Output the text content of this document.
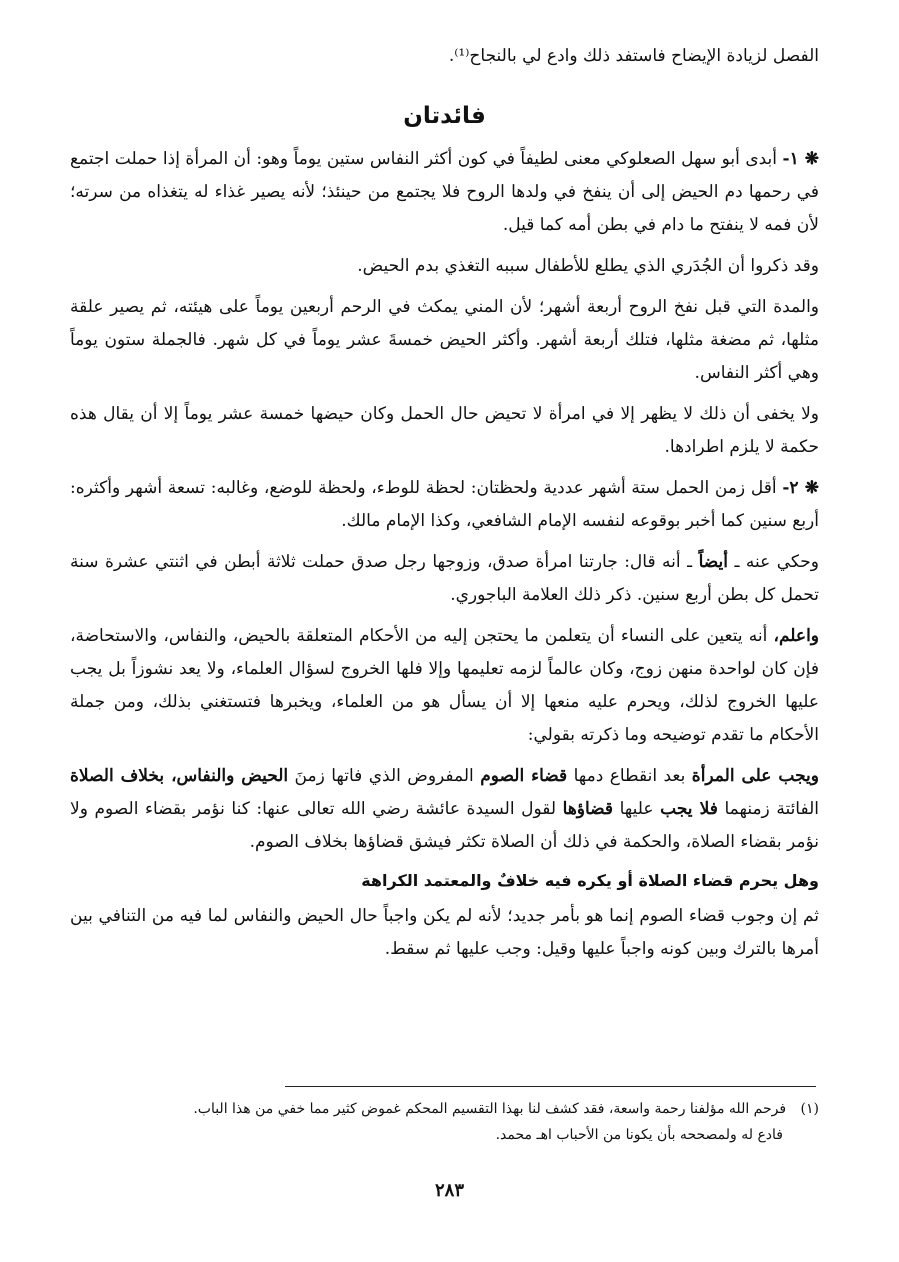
الفصل لزيادة الإيضاح فاستفد ذلك وادع لي بالنجاح⁽¹⁾.
فائدتان

❋ ١- أبدى أبو سهل الصعلوكي معنى لطيفاً في كون أكثر النفاس ستين يوماً وهو: أن المرأة إذا حملت اجتمع في رحمها دم الحيض إلى أن ينفخ في ولدها الروح فلا يجتمع من حينئذ؛ لأنه يصير غذاء له يتغذاه من سرته؛ لأن فمه لا ينفتح ما دام في بطن أمه كما قيل.

وقد ذكروا أن الجُدَري الذي يطلع للأطفال سببه التغذي بدم الحيض.

والمدة التي قبل نفخ الروح أربعة أشهر؛ لأن المني يمكث في الرحم أربعين يوماً على هيئته، ثم يصير علقة مثلها، ثم مضغة مثلها، فتلك أربعة أشهر. وأكثر الحيض خمسةَ عشر يوماً في كل شهر. فالجملة ستون يوماً وهي أكثر النفاس.

ولا يخفى أن ذلك لا يظهر إلا في امرأة لا تحيض حال الحمل وكان حيضها خمسة عشر يوماً إلا أن يقال هذه حكمة لا يلزم اطرادها.

❋ ٢- أقل زمن الحمل ستة أشهر عددية ولحظتان: لحظة للوطء، ولحظة للوضع، وغالبه: تسعة أشهر وأكثره: أربع سنين كما أخبر بوقوعه لنفسه الإمام الشافعي، وكذا الإمام مالك.

وحكي عنه ـ أيضاً ـ أنه قال: جارتنا امرأة صدق، وزوجها رجل صدق حملت ثلاثة أبطن في اثنتي عشرة سنة تحمل كل بطن أربع سنين. ذكر ذلك العلامة الباجوري.

واعلم، أنه يتعين على النساء أن يتعلمن ما يحتجن إليه من الأحكام المتعلقة بالحيض، والنفاس، والاستحاضة، فإن كان لواحدة منهن زوج، وكان عالماً لزمه تعليمها وإلا فلها الخروج لسؤال العلماء، ولا يعد نشوزاً بل يجب عليها الخروج لذلك، ويحرم عليه منعها إلا أن يسأل هو من العلماء، ويخبرها فتستغني بذلك، ومن جملة الأحكام ما تقدم توضيحه وما ذكرته بقولي:

ويجب على المرأة بعد انقطاع دمها قضاء الصوم المفروض الذي فاتها زمنَ الحيض والنفاس، بخلاف الصلاة الفائتة زمنهما فلا يجب عليها قضاؤها لقول السيدة عائشة رضي الله تعالى عنها: كنا نؤمر بقضاء الصوم ولا نؤمر بقضاء الصلاة، والحكمة في ذلك أن الصلاة تكثر فيشق قضاؤها بخلاف الصوم.

وهل يحرم قضاء الصلاة أو يكره فيه خلافٌ والمعتمد الكراهة

ثم إن وجوب قضاء الصوم إنما هو بأمر جديد؛ لأنه لم يكن واجباً حال الحيض والنفاس لما فيه من التنافي بين أمرها بالترك وبين كونه واجباً عليها وقيل: وجب عليها ثم سقط.

(١) فرحم الله مؤلفنا رحمة واسعة، فقد كشف لنا بهذا التقسيم المحكم غموض كثير مما خفي من هذا الباب.
فادع له ولمصححه بأن يكونا من الأحباب اهـ محمد.
٢٨٣
